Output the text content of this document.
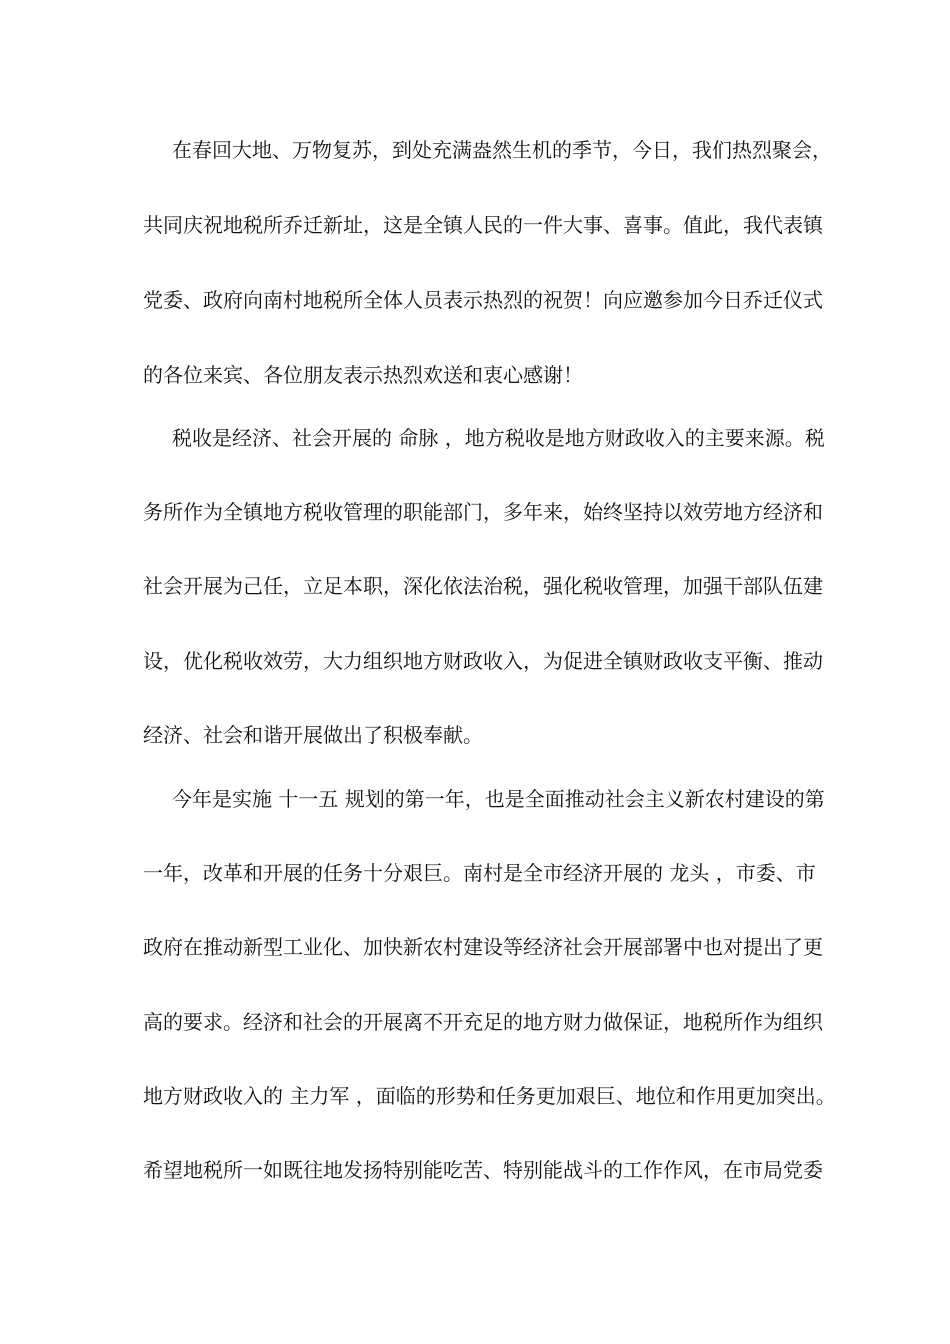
在春回大地、万物复苏，到处充满盎然生机的季节，今日，我们热烈聚会，
共同庆祝地税所乔迁新址，这是全镇人民的一件大事、喜事。值此，我代表镇
党委、政府向南村地税所全体人员表示热烈的祝贺！向应邀参加今日乔迁仪式
的各位来宾、各位朋友表示热烈欢送和衷心感谢！
税收是经济、社会开展的 命脉 ，地方税收是地方财政收入的主要来源。税
务所作为全镇地方税收管理的职能部门，多年来，始终坚持以效劳地方经济和
社会开展为己任，立足本职，深化依法治税，强化税收管理，加强干部队伍建
设，优化税收效劳，大力组织地方财政收入，为促进全镇财政收支平衡、推动
经济、社会和谐开展做出了积极奉献。
今年是实施 十一五 规划的第一年，也是全面推动社会主义新农村建设的第
一年，改革和开展的任务十分艰巨。南村是全市经济开展的 龙头 ，市委、市
政府在推动新型工业化、加快新农村建设等经济社会开展部署中也对提出了更
高的要求。经济和社会的开展离不开充足的地方财力做保证，地税所作为组织
地方财政收入的 主力军 ，面临的形势和任务更加艰巨、地位和作用更加突出。
希望地税所一如既往地发扬特别能吃苦、特别能战斗的工作作风，在市局党委
